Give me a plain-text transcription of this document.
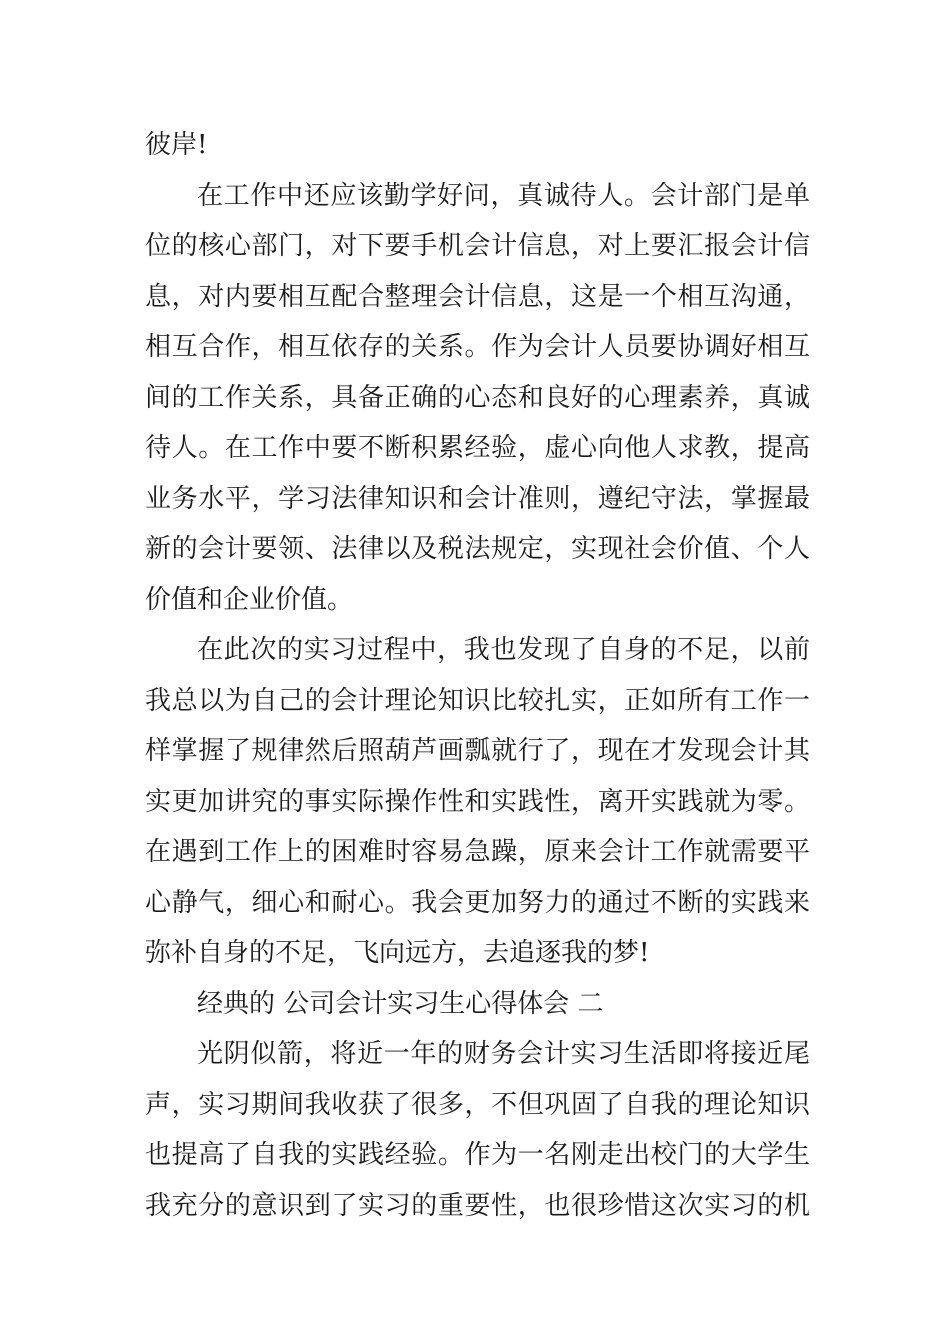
彼岸!
在工作中还应该勤学好问，真诚待人。会计部门是单
位的核心部门，对下要手机会计信息，对上要汇报会计信
息，对内要相互配合整理会计信息，这是一个相互沟通，
相互合作，相互依存的关系。作为会计人员要协调好相互
间的工作关系，具备正确的心态和良好的心理素养，真诚
待人。在工作中要不断积累经验，虚心向他人求教，提高
业务水平，学习法律知识和会计准则，遵纪守法，掌握最
新的会计要领、法律以及税法规定，实现社会价值、个人
价值和企业价值。
在此次的实习过程中，我也发现了自身的不足，以前
我总以为自己的会计理论知识比较扎实，正如所有工作一
样掌握了规律然后照葫芦画瓢就行了，现在才发现会计其
实更加讲究的事实际操作性和实践性，离开实践就为零。
在遇到工作上的困难时容易急躁，原来会计工作就需要平
心静气，细心和耐心。我会更加努力的通过不断的实践来
弥补自身的不足，飞向远方，去追逐我的梦!
经典的 公司会计实习生心得体会 二
光阴似箭，将近一年的财务会计实习生活即将接近尾
声，实习期间我收获了很多，不但巩固了自我的理论知识
也提高了自我的实践经验。作为一名刚走出校门的大学生
我充分的意识到了实习的重要性，也很珍惜这次实习的机
